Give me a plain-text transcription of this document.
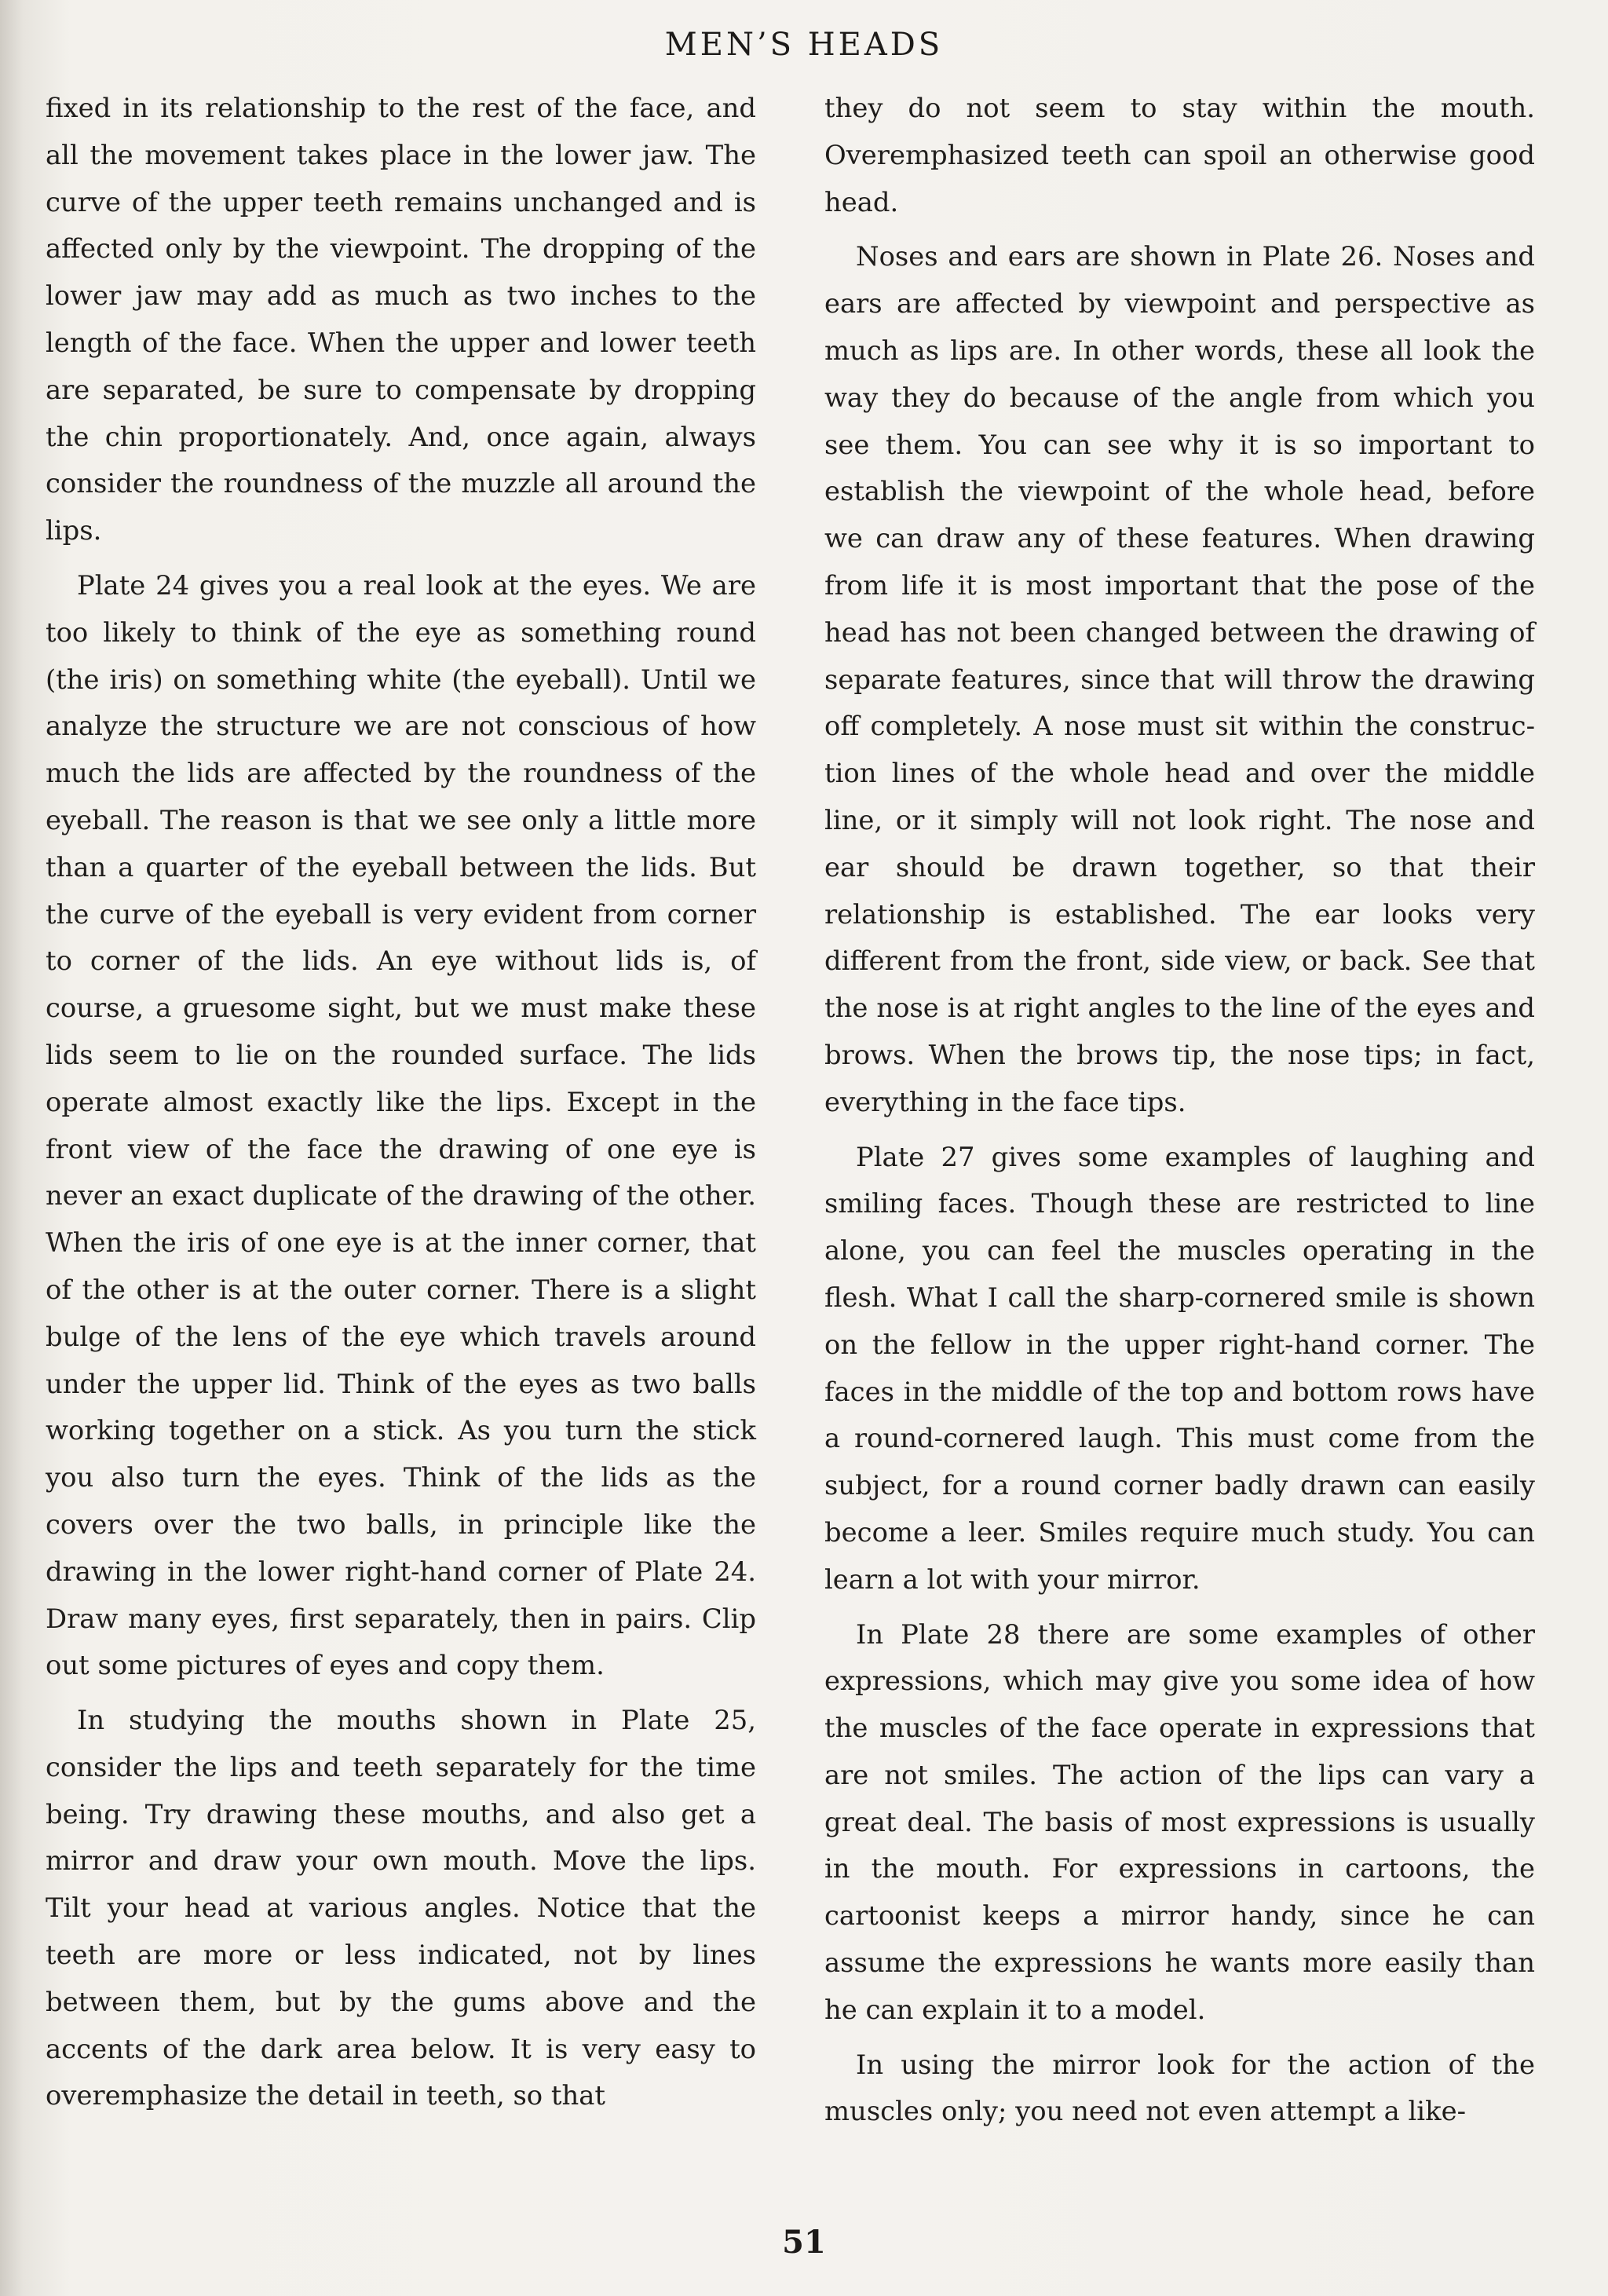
MEN’S HEADS

fixed in its relationship to the rest of the face, and all the movement takes place in the lower jaw. The curve of the upper teeth remains unchanged and is affected only by the viewpoint. The dropping of the lower jaw may add as much as two inches to the length of the face. When the upper and lower teeth are separated, be sure to compensate by dropping the chin proportionately. And, once again, always consider the roundness of the muzzle all around the lips.

Plate 24 gives you a real look at the eyes. We are too likely to think of the eye as something round (the iris) on something white (the eyeball). Until we analyze the structure we are not conscious of how much the lids are affected by the roundness of the eyeball. The reason is that we see only a little more than a quarter of the eyeball between the lids. But the curve of the eyeball is very evident from corner to corner of the lids. An eye without lids is, of course, a gruesome sight, but we must make these lids seem to lie on the rounded surface. The lids operate almost exactly like the lips. Except in the front view of the face the drawing of one eye is never an exact duplicate of the drawing of the other. When the iris of one eye is at the inner corner, that of the other is at the outer corner. There is a slight bulge of the lens of the eye which travels around under the upper lid. Think of the eyes as two balls working together on a stick. As you turn the stick you also turn the eyes. Think of the lids as the covers over the two balls, in principle like the drawing in the lower right-hand corner of Plate 24. Draw many eyes, first separately, then in pairs. Clip out some pictures of eyes and copy them.

In studying the mouths shown in Plate 25, consider the lips and teeth separately for the time being. Try drawing these mouths, and also get a mirror and draw your own mouth. Move the lips. Tilt your head at various angles. Notice that the teeth are more or less indicated, not by lines between them, but by the gums above and the accents of the dark area below. It is very easy to overemphasize the detail in teeth, so that

they do not seem to stay within the mouth. Overemphasized teeth can spoil an otherwise good head.

Noses and ears are shown in Plate 26. Noses and ears are affected by viewpoint and perspective as much as lips are. In other words, these all look the way they do because of the angle from which you see them. You can see why it is so important to establish the viewpoint of the whole head, before we can draw any of these features. When drawing from life it is most important that the pose of the head has not been changed between the drawing of separate features, since that will throw the drawing off completely. A nose must sit within the construction lines of the whole head and over the middle line, or it simply will not look right. The nose and ear should be drawn together, so that their relationship is established. The ear looks very different from the front, side view, or back. See that the nose is at right angles to the line of the eyes and brows. When the brows tip, the nose tips; in fact, everything in the face tips.

Plate 27 gives some examples of laughing and smiling faces. Though these are restricted to line alone, you can feel the muscles operating in the flesh. What I call the sharp-cornered smile is shown on the fellow in the upper right-hand corner. The faces in the middle of the top and bottom rows have a round-cornered laugh. This must come from the subject, for a round corner badly drawn can easily become a leer. Smiles require much study. You can learn a lot with your mirror.

In Plate 28 there are some examples of other expressions, which may give you some idea of how the muscles of the face operate in expressions that are not smiles. The action of the lips can vary a great deal. The basis of most expressions is usually in the mouth. For expressions in cartoons, the cartoonist keeps a mirror handy, since he can assume the expressions he wants more easily than he can explain it to a model.

In using the mirror look for the action of the muscles only; you need not even attempt a like-

51
